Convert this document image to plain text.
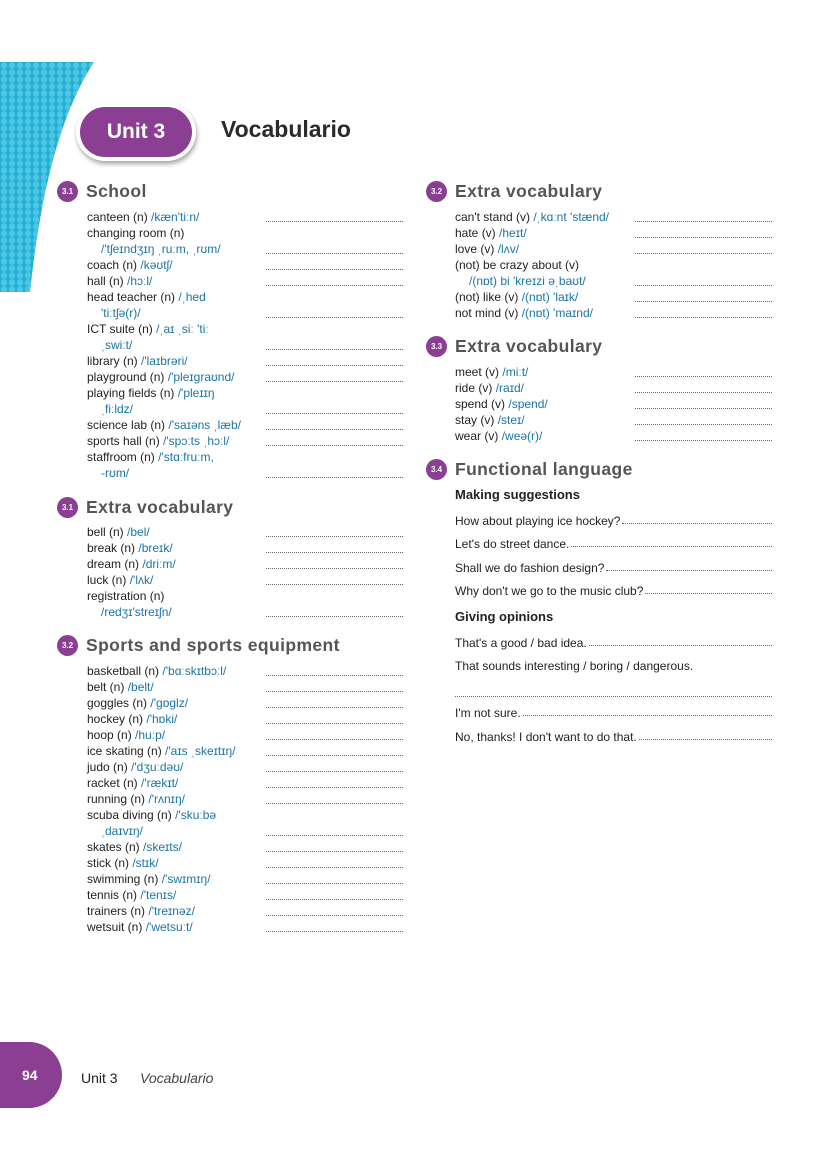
Unit 3	Vocabulario
3.1 School
canteen (n) /kæn'tiːn/
changing room (n)
/'tʃeɪndʒɪŋ ˌruːm, ˌrʊm/
coach (n) /kəʊtʃ/
hall (n) /hɔːl/
head teacher (n) /ˌhed
'tiːtʃə(r)/
ICT suite (n) /ˌaɪ ˌsiː 'tiː
ˌswiːt/
library (n) /'laɪbrəri/
playground (n) /'pleɪgraʊnd/
playing fields (n) /'pleɪɪŋ
ˌfiːldz/
science lab (n) /'saɪəns ˌlæb/
sports hall (n) /'spɔːts ˌhɔːl/
staffroom (n) /'stɑːfruːm,
-rʊm/
3.1 Extra vocabulary
bell (n) /bel/
break (n) /breɪk/
dream (n) /driːm/
luck (n) /'lʌk/
registration (n)
/redʒɪ'streɪʃn/
3.2 Sports and sports equipment
basketball (n) /'bɑːskɪtbɔːl/
belt (n) /belt/
goggles (n) /'gɒglz/
hockey (n) /'hɒki/
hoop (n) /huːp/
ice skating (n) /'aɪs ˌskeɪtɪŋ/
judo (n) /'dʒuːdəʊ/
racket (n) /'rækɪt/
running (n) /'rʌnɪŋ/
scuba diving (n) /'skuːbə
ˌdaɪvɪŋ/
skates (n) /skeɪts/
stick (n) /stɪk/
swimming (n) /'swɪmɪŋ/
tennis (n) /'tenɪs/
trainers (n) /'treɪnəz/
wetsuit (n) /'wetsuːt/
3.2 Extra vocabulary
can't stand (v) /ˌkɑːnt 'stænd/
hate (v) /heɪt/
love (v) /lʌv/
(not) be crazy about (v)
/(nɒt) bi 'kreɪzi əˌbaʊt/
(not) like (v) /(nɒt) 'laɪk/
not mind (v) /(nɒt) 'maɪnd/
3.3 Extra vocabulary
meet (v) /miːt/
ride (v) /raɪd/
spend (v) /spend/
stay (v) /steɪ/
wear (v) /weə(r)/
3.4 Functional language
Making suggestions
How about playing ice hockey?
Let's do street dance.
Shall we do fashion design?
Why don't we go to the music club?
Giving opinions
That's a good / bad idea.
That sounds interesting / boring / dangerous.
I'm not sure.
No, thanks! I don't want to do that.
94	Unit 3 Vocabulario
